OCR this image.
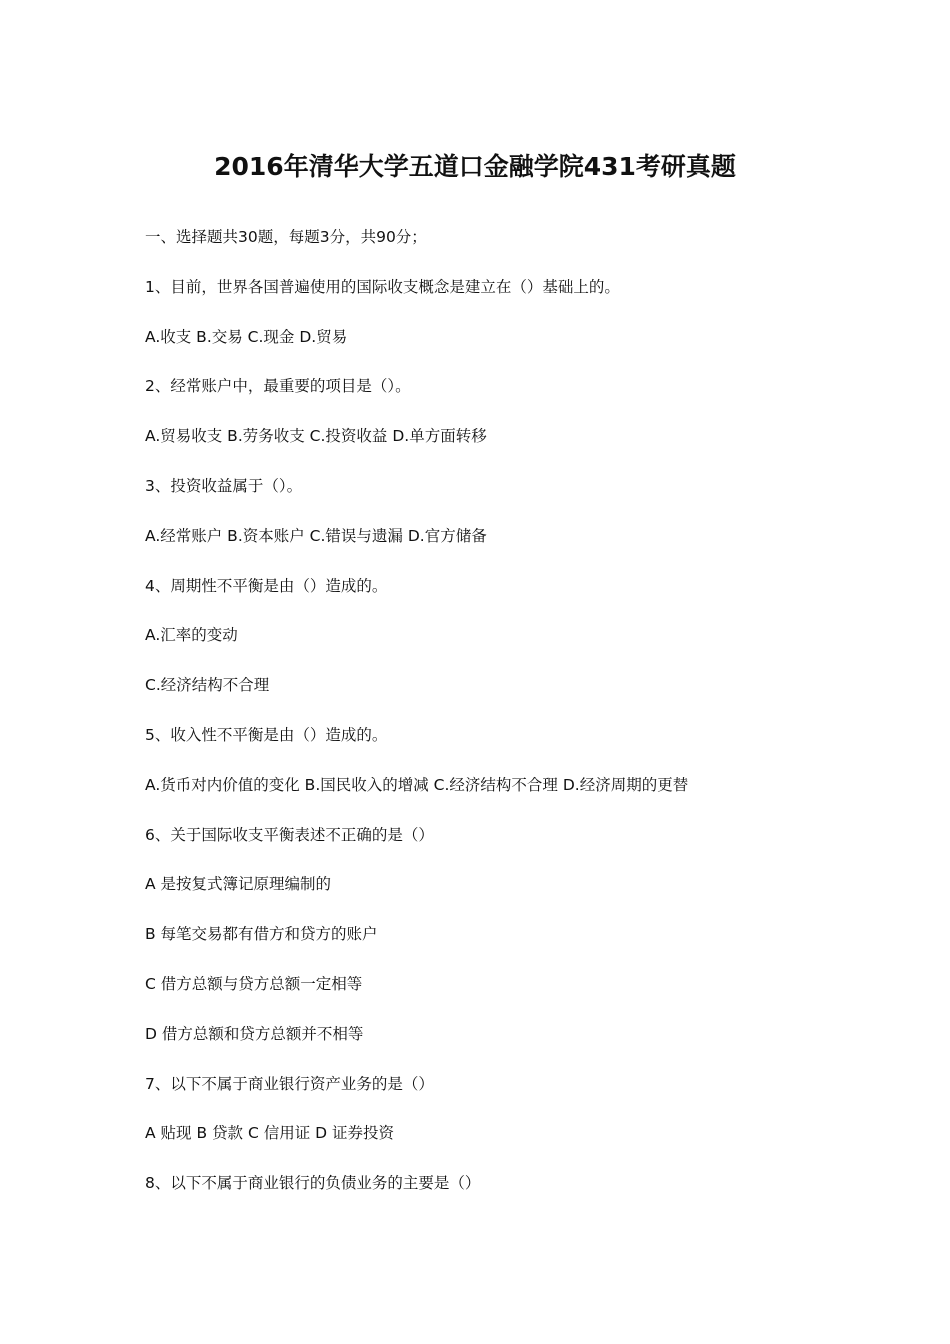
2016年清华大学五道口金融学院431考研真题
一、选择题共30题，每题3分，共90分；
1、目前，世界各国普遍使用的国际收支概念是建立在（）基础上的。
A.收支 B.交易 C.现金 D.贸易
2、经常账户中，最重要的项目是（）。
A.贸易收支 B.劳务收支 C.投资收益 D.单方面转移
3、投资收益属于（）。
A.经常账户 B.资本账户 C.错误与遗漏 D.官方储备
4、周期性不平衡是由（）造成的。
A.汇率的变动
C.经济结构不合理
5、收入性不平衡是由（）造成的。
A.货币对内价值的变化 B.国民收入的增减 C.经济结构不合理 D.经济周期的更替
6、关于国际收支平衡表述不正确的是（）
A 是按复式簿记原理编制的
B 每笔交易都有借方和贷方的账户
C 借方总额与贷方总额一定相等
D 借方总额和贷方总额并不相等
7、以下不属于商业银行资产业务的是（）
A 贴现 B 贷款 C 信用证 D 证券投资
8、以下不属于商业银行的负债业务的主要是（）
